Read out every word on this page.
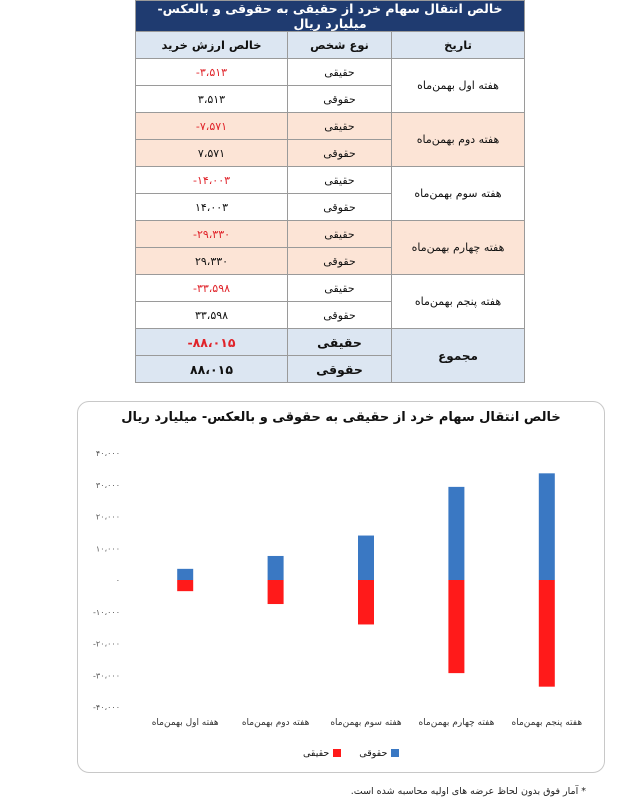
خالص انتقال سهام خرد از حقیقی به حقوقی و بالعکس- میلیارد ریال		
تاریخ	نوع شخص	خالص ارزش خرید
هفته اول بهمن‌ماه	حقیقی	-۳،۵۱۳
	حقوقی	۳،۵۱۳
هفته دوم بهمن‌ماه	حقیقی	-۷،۵۷۱
	حقوقی	۷،۵۷۱
هفته سوم بهمن‌ماه	حقیقی	-۱۴،۰۰۳
	حقوقی	۱۴،۰۰۳
هفته چهارم بهمن‌ماه	حقیقی	-۲۹،۳۳۰
	حقوقی	۲۹،۳۳۰
هفته پنجم بهمن‌ماه	حقیقی	-۳۳،۵۹۸
	حقوقی	۳۳،۵۹۸
مجموع	حقیقی	-۸۸،۰۱۵
	حقوقی	۸۸،۰۱۵
۴۰،۰۰۰
۳۰،۰۰۰
۲۰،۰۰۰
۱۰،۰۰۰
۰
-۱۰،۰۰۰
-۲۰،۰۰۰
-۳۰،۰۰۰
-۴۰،۰۰۰
هفته اول بهمن‌ماه	هفته دوم بهمن‌ماه هفته سوم بهمن‌ماه هفته چهارم بهمن‌ماه هفته پنجم بهمن‌ماه
خالص انتقال سهام خرد از حقیقی به حقوقی و بالعکس- میلیارد ریال
حقوقی
حقیقی
* آمار فوق بدون لحاظ عرضه های اولیه محاسبه شده است.
